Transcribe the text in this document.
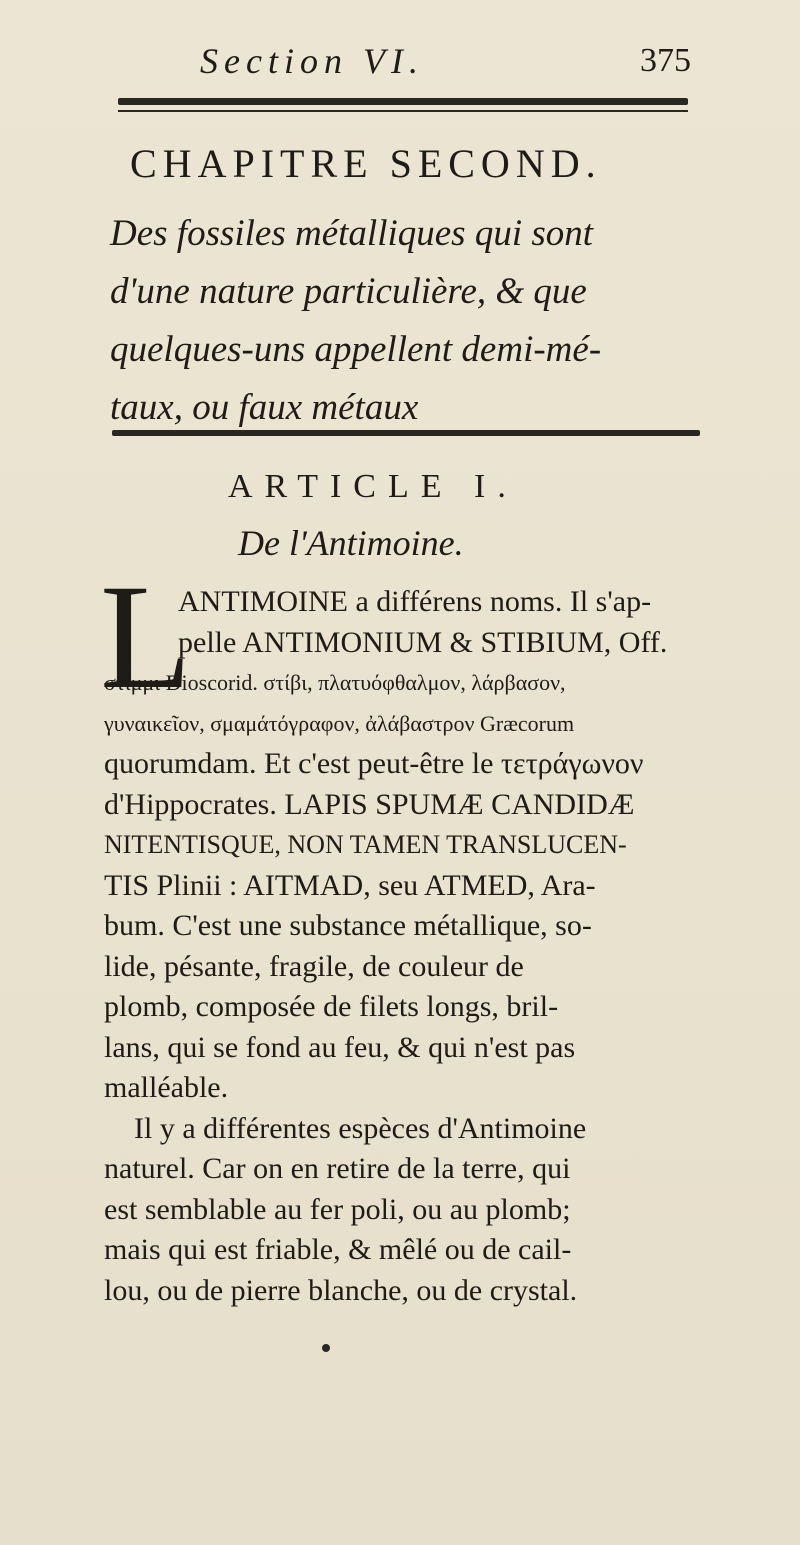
Section VI.	375
CHAPITRE SECOND.
Des fossiles métalliques qui sont
d'une nature particulière, & que
quelques-uns appellent demi-mé-
taux, ou faux métaux
ARTICLE I.
De l'Antimoine.
L
ANTIMOINE a différens noms. Il s'ap-
pelle ANTIMONIUM & STIBIUM, Off.
στίμμι Dioscorid. στίβι, πλατυόφθαλμον, λάρβασον,
γυναικεῖον, σμαμάτόγραφον, ἀλάβαστρον Græcorum
quorumdam. Et c'est peut-être le τετράγωνον
d'Hippocrates. LAPIS SPUMÆ CANDIDÆ
NITENTISQUE, NON TAMEN TRANSLUCEN-
TIS Plinii : AITMAD, seu ATMED, Ara-
bum. C'est une substance métallique, so-
lide, pésante, fragile, de couleur de
plomb, composée de filets longs, bril-
lans, qui se fond au feu, & qui n'est pas
malléable.
Il y a différentes espèces d'Antimoine
naturel. Car on en retire de la terre, qui
est semblable au fer poli, ou au plomb;
mais qui est friable, & mêlé ou de cail-
lou, ou de pierre blanche, ou de crystal.
